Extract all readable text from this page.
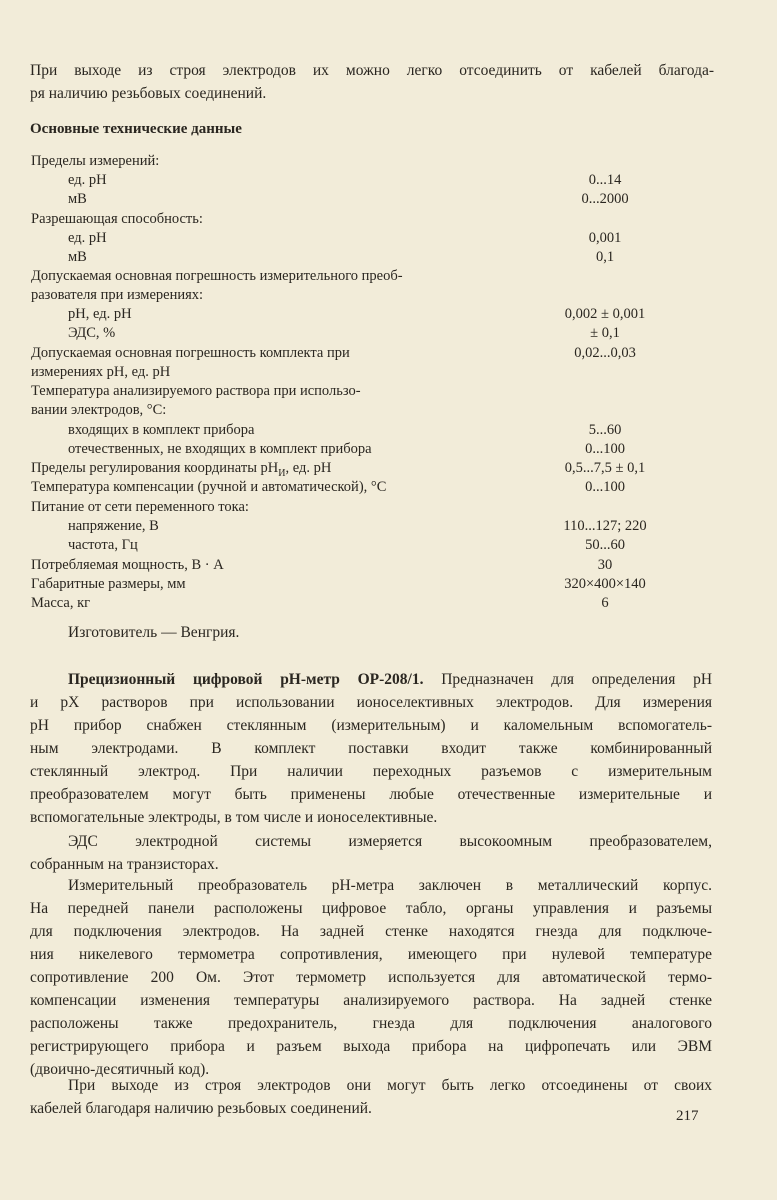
При выходе из строя электродов их можно легко отсоединить от кабелей благода-
ря наличию резьбовых соединений.
Основные технические данные
Пределы измерений:
ед. рН	0...14
мВ	0...2000
Разрешающая способность:
ед. рН	0,001
мВ	0,1
Допускаемая основная погрешность измерительного преоб-
разователя при измерениях:
рН, ед. рН	0,002 ± 0,001
ЭДС, %	± 0,1
Допускаемая основная погрешность комплекта при	0,02...0,03
измерениях рН, ед. рН
Температура анализируемого раствора при использо-
вании электродов, °С:
входящих в комплект прибора	5...60
отечественных, не входящих в комплект прибора	0...100
Пределы регулирования координаты $рН_И$, ед. рН	0,5...7,5 ± 0,1
Температура компенсации (ручной и автоматической), °С	0...100
Питание от сети переменного тока:
напряжение, В	110...127; 220
частота, Гц	50...60
Потребляемая мощность, В · А	30
Габаритные размеры, мм	320×400×140
Масса, кг	6
Изготовитель — Венгрия.
Прецизионный цифровой рН-метр ОР-208/1. Предназначен для определения рН
и рХ растворов при использовании ионоселективных электродов. Для измерения
рН прибор снабжен стеклянным (измерительным) и каломельным вспомогатель-
ным электродами. В комплект поставки входит также комбинированный
стеклянный электрод. При наличии переходных разъемов с измерительным
преобразователем могут быть применены любые отечественные измерительные и
вспомогательные электроды, в том числе и ионоселективные.
ЭДС электродной системы измеряется высокоомным преобразователем,
собранным на транзисторах.
Измерительный преобразователь рН-метра заключен в металлический корпус.
На передней панели расположены цифровое табло, органы управления и разъемы
для подключения электродов. На задней стенке находятся гнезда для подключе-
ния никелевого термометра сопротивления, имеющего при нулевой температуре
сопротивление 200 Ом. Этот термометр используется для автоматической термо-
компенсации изменения температуры анализируемого раствора. На задней стенке
расположены также предохранитель, гнезда для подключения аналогового
регистрирующего прибора и разъем выхода прибора на цифропечать или ЭВМ
(двоично-десятичный код).
При выходе из строя электродов они могут быть легко отсоединены от своих
кабелей благодаря наличию резьбовых соединений.	217
